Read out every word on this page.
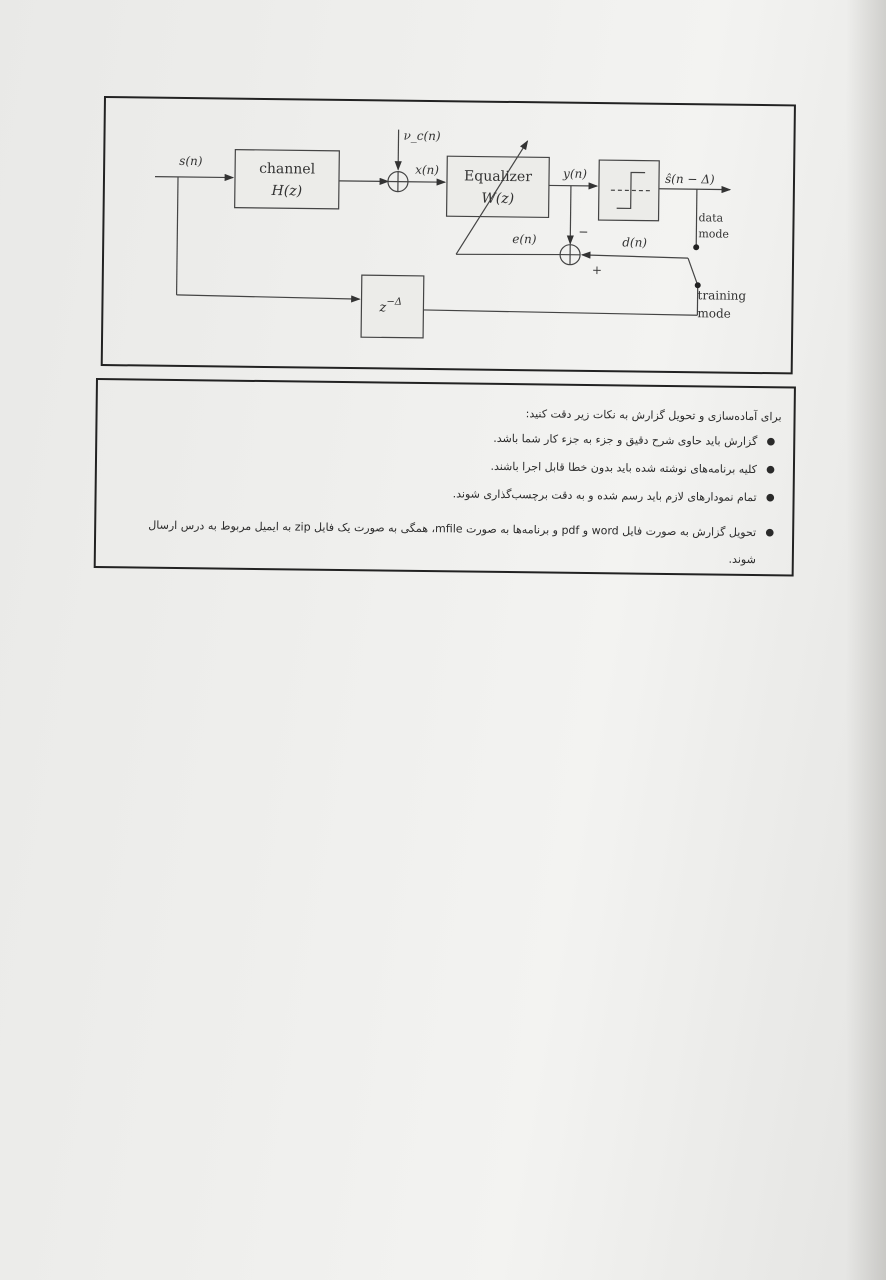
s(n)	channel
H(z)
ν_c(n)
x(n) Equalizer
W(z)
y(n)	ŝ(n − Δ)
data
mode
e(n)	d(n)
−
+
$z^{-\Delta}$	training
mode

برای آماده‌سازی و تحویل گزارش به نکات زیر دقت کنید:

●
گزارش باید حاوی شرح دقیق و جزء به جزء کار شما باشد.
●
کلیه برنامه‌های نوشته شده باید بدون خطا قابل اجرا باشند.
●
تمام نمودارهای لازم باید رسم شده و به دقت برچسب‌گذاری شوند.
●
تحویل گزارش به صورت فایل word و pdf و برنامه‌ها به صورت mfile، همگی به صورت یک فایل zip به ایمیل مربوط به درس ارسال شوند.
